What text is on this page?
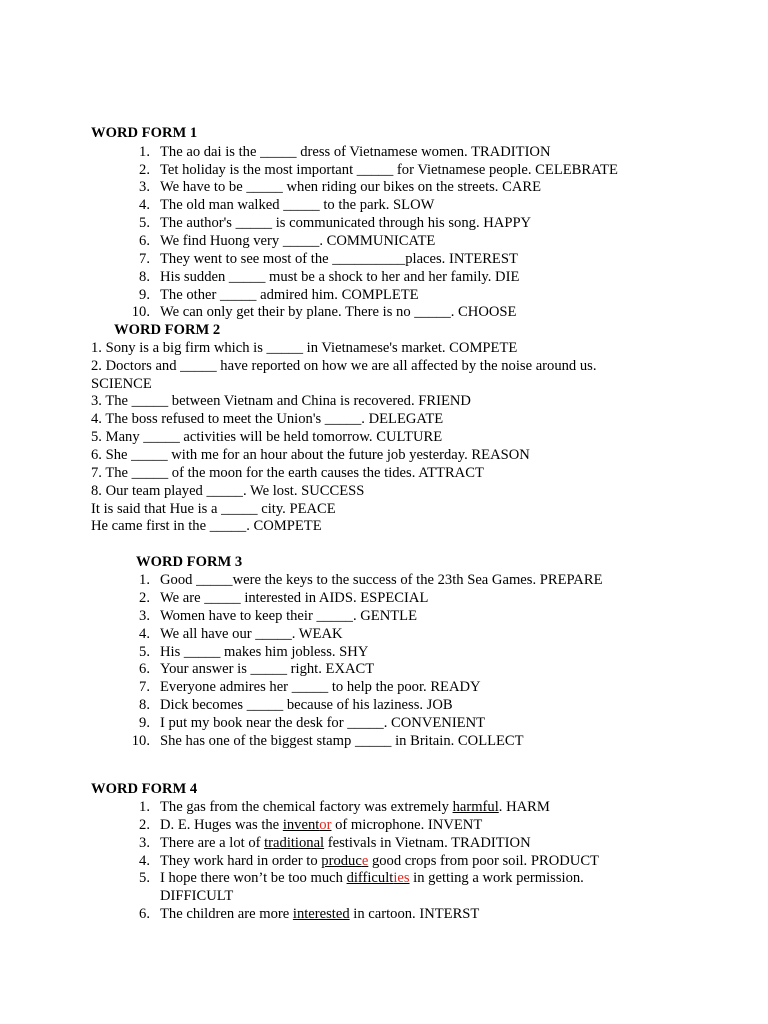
WORD FORM 1
1. The ao dai is the _____ dress of Vietnamese women. TRADITION
2. Tet holiday is the most important _____ for Vietnamese people. CELEBRATE
3. We have to be _____ when riding our bikes on the streets. CARE
4. The old man walked _____ to the park. SLOW
5. The author's _____ is communicated through his song. HAPPY
6. We find Huong very _____. COMMUNICATE
7. They went to see most of the __________places. INTEREST
8. His sudden _____ must be a shock to her and her family. DIE
9. The other _____ admired him. COMPLETE
10. We can only get their by plane. There is no _____. CHOOSE
WORD FORM 2
1. Sony is a big firm which is _____ in Vietnamese's market. COMPETE
2. Doctors and _____ have reported on how we are all affected by the noise around us.
SCIENCE
3. The _____ between Vietnam and China is recovered. FRIEND
4. The boss refused to meet the Union's _____. DELEGATE
5. Many _____ activities will be held tomorrow. CULTURE
6. She _____ with me for an hour about the future job yesterday. REASON
7. The _____ of the moon for the earth causes the tides. ATTRACT
8. Our team played _____. We lost. SUCCESS
It is said that Hue is a _____ city. PEACE
He came first in the _____. COMPETE
WORD FORM 3
1. Good _____were the keys to the success of the 23th Sea Games. PREPARE
2. We are _____ interested in AIDS. ESPECIAL
3. Women have to keep their _____. GENTLE
4. We all have our _____. WEAK
5. His _____ makes him jobless. SHY
6. Your answer is _____ right. EXACT
7. Everyone admires her _____ to help the poor. READY
8. Dick becomes _____ because of his laziness. JOB
9. I put my book near the desk for _____. CONVENIENT
10. She has one of the biggest stamp _____ in Britain. COLLECT
WORD FORM 4
1. The gas from the chemical factory was extremely harmful. HARM
2. D. E. Huges was the inventor of microphone. INVENT
3. There are a lot of traditional festivals in Vietnam. TRADITION
4. They work hard in order to produce good crops from poor soil. PRODUCT
5. I hope there won’t be too much difficulties in getting a work permission.
DIFFICULT
6. The children are more interested in cartoon. INTERST
